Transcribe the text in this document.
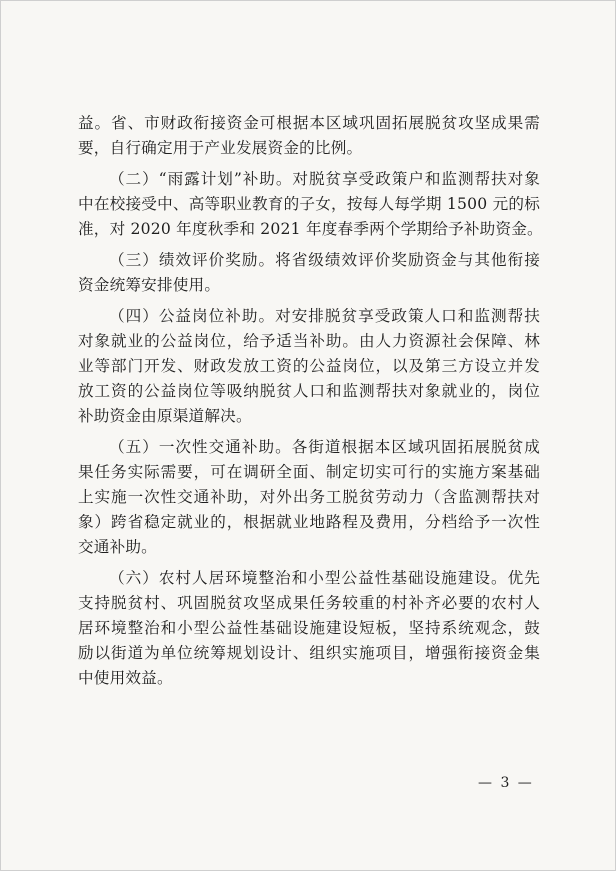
益。省、市财政衔接资金可根据本区域巩固拓展脱贫攻坚成果需
要，自行确定用于产业发展资金的比例。
（二）“雨露计划”补助。对脱贫享受政策户和监测帮扶对象
中在校接受中、高等职业教育的子女，按每人每学期 1500 元的标
准，对 2020 年度秋季和 2021 年度春季两个学期给予补助资金。
（三）绩效评价奖励。将省级绩效评价奖励资金与其他衔接
资金统筹安排使用。
（四）公益岗位补助。对安排脱贫享受政策人口和监测帮扶
对象就业的公益岗位，给予适当补助。由人力资源社会保障、林
业等部门开发、财政发放工资的公益岗位，以及第三方设立并发
放工资的公益岗位等吸纳脱贫人口和监测帮扶对象就业的，岗位
补助资金由原渠道解决。
（五）一次性交通补助。各街道根据本区域巩固拓展脱贫成
果任务实际需要，可在调研全面、制定切实可行的实施方案基础
上实施一次性交通补助，对外出务工脱贫劳动力（含监测帮扶对
象）跨省稳定就业的，根据就业地路程及费用，分档给予一次性
交通补助。
（六）农村人居环境整治和小型公益性基础设施建设。优先
支持脱贫村、巩固脱贫攻坚成果任务较重的村补齐必要的农村人
居环境整治和小型公益性基础设施建设短板，坚持系统观念，鼓
励以街道为单位统筹规划设计、组织实施项目，增强衔接资金集
中使用效益。
— 3 —
